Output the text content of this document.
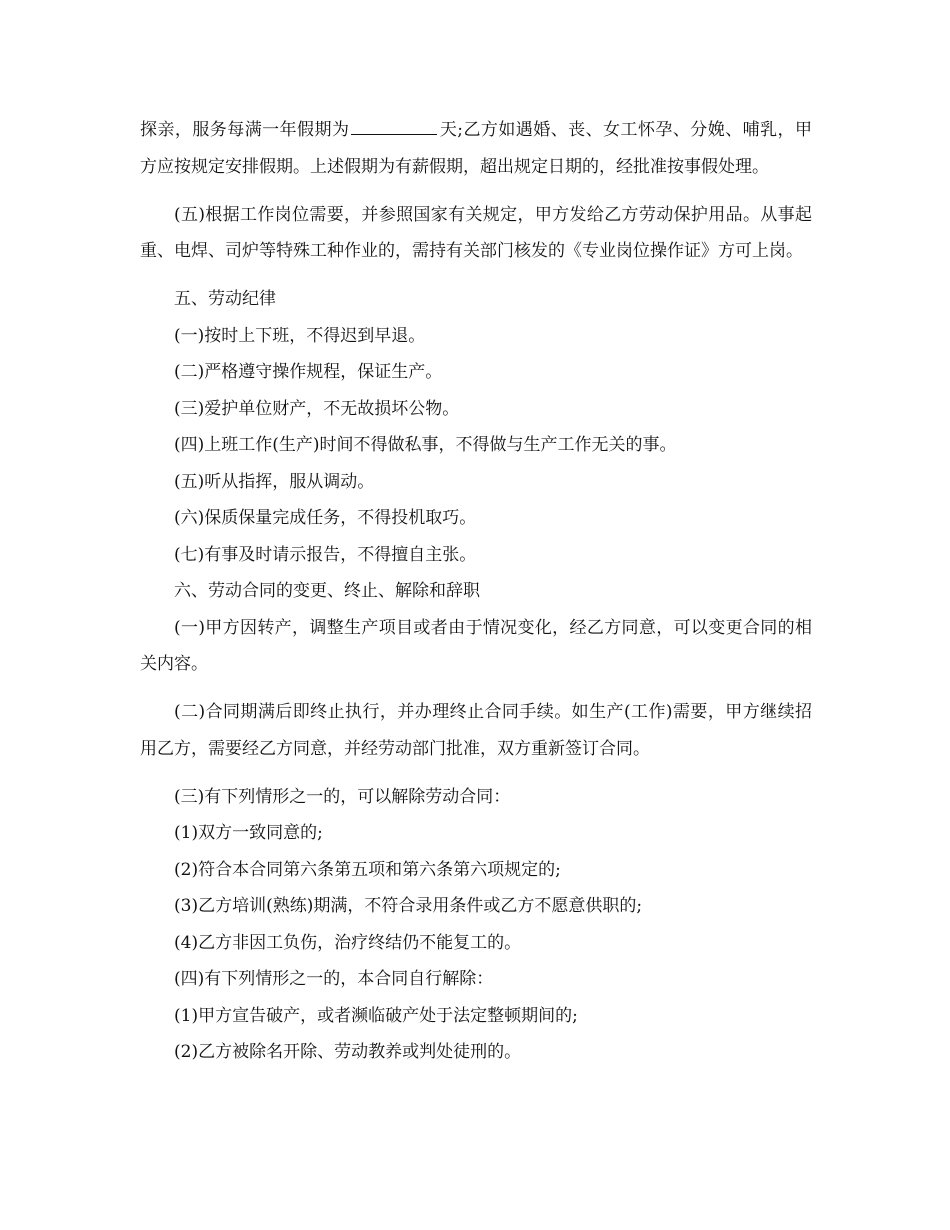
探亲，服务每满一年假期为	天;乙方如遇婚、丧、女工怀孕、分娩、哺乳，甲方应按规定安排假期。上述假期为有薪假期，超出规定日期的，经批准按事假处理。

(五)根据工作岗位需要，并参照国家有关规定，甲方发给乙方劳动保护用品。从事起重、电焊、司炉等特殊工种作业的，需持有关部门核发的《专业岗位操作证》方可上岗。

五、劳动纪律
(一)按时上下班，不得迟到早退。
(二)严格遵守操作规程，保证生产。
(三)爱护单位财产，不无故损坏公物。
(四)上班工作(生产)时间不得做私事，不得做与生产工作无关的事。
(五)听从指挥，服从调动。
(六)保质保量完成任务，不得投机取巧。
(七)有事及时请示报告，不得擅自主张。
六、劳动合同的变更、终止、解除和辞职

(一)甲方因转产，调整生产项目或者由于情况变化，经乙方同意，可以变更合同的相关内容。

(二)合同期满后即终止执行，并办理终止合同手续。如生产(工作)需要，甲方继续招用乙方，需要经乙方同意，并经劳动部门批准，双方重新签订合同。

(三)有下列情形之一的，可以解除劳动合同：
(1)双方一致同意的;
(2)符合本合同第六条第五项和第六条第六项规定的;
(3)乙方培训(熟练)期满，不符合录用条件或乙方不愿意供职的;
(4)乙方非因工负伤，治疗终结仍不能复工的。
(四)有下列情形之一的，本合同自行解除：
(1)甲方宣告破产，或者濒临破产处于法定整顿期间的;
(2)乙方被除名开除、劳动教养或判处徒刑的。
